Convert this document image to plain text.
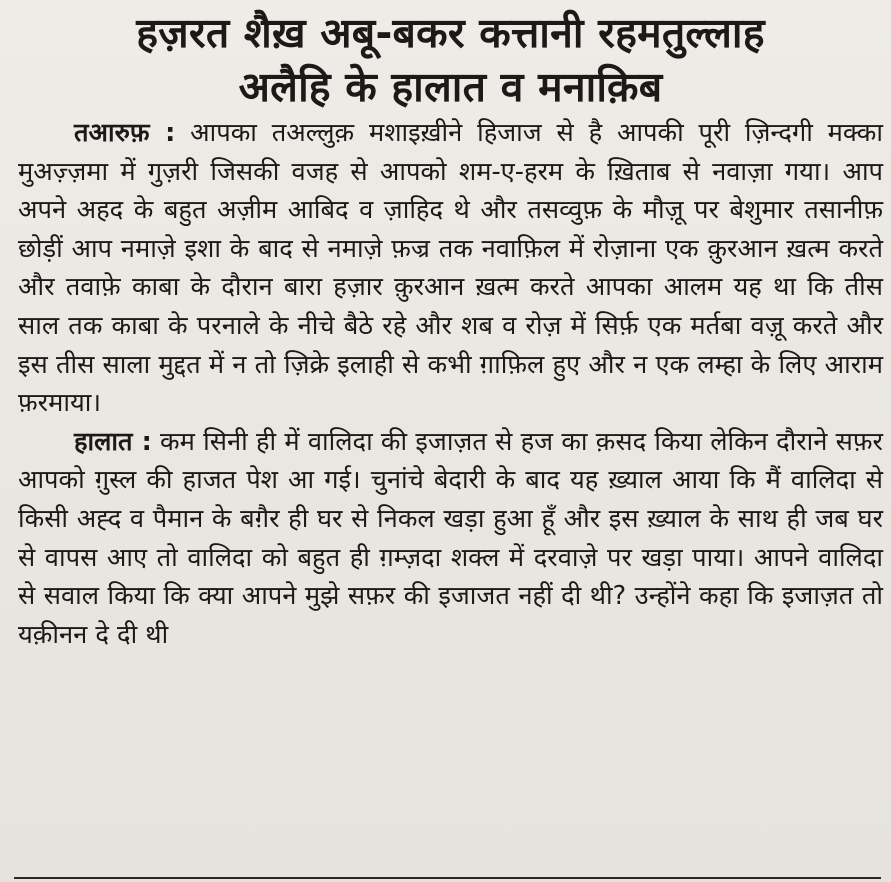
हज़रत शैख़ अबू-बकर कत्तानी रहमतुल्लाह
अलैहि के हालात व मनाक़िब

तआरुफ़ : आपका तअल्लुक़ मशाइख़ीने हिजाज से है आपकी पूरी ज़िन्दगी मक्का मुअज़्ज़मा में गुज़री जिसकी वजह से आपको शम-ए-हरम के ख़िताब से नवाज़ा गया। आप अपने अहद के बहुत अज़ीम आबिद व ज़ाहिद थे और तसव्वुफ़ के मौज़ू पर बेशुमार तसानीफ़ छोड़ीं आप नमाज़े इशा के बाद से नमाज़े फ़ज्र तक नवाफ़िल में रोज़ाना एक क़ुरआन ख़त्म करते और तवाफ़े काबा के दौरान बारा हज़ार क़ुरआन ख़त्म करते आपका आलम यह था कि तीस साल तक काबा के परनाले के नीचे बैठे रहे और शब व रोज़ में सिर्फ़ एक मर्तबा वज़ू करते और इस तीस साला मुद्दत में न तो ज़िक्रे इलाही से कभी ग़ाफ़िल हुए और न एक लम्हा के लिए आराम फ़रमाया।

हालात : कम सिनी ही में वालिदा की इजाज़त से हज का क़सद किया लेकिन दौराने सफ़र आपको ग़ुस्ल की हाजत पेश आ गई। चुनांचे बेदारी के बाद यह ख़्याल आया कि मैं वालिदा से किसी अह्द व पैमान के बग़ैर ही घर से निकल खड़ा हुआ हूँ और इस ख़्याल के साथ ही जब घर से वापस आए तो वालिदा को बहुत ही ग़म्ज़दा शक्ल में दरवाज़े पर खड़ा पाया। आपने वालिदा से सवाल किया कि क्या आपने मुझे सफ़र की इजाजत नहीं दी थी? उन्होंने कहा कि इजाज़त तो यक़ीनन दे दी थी
